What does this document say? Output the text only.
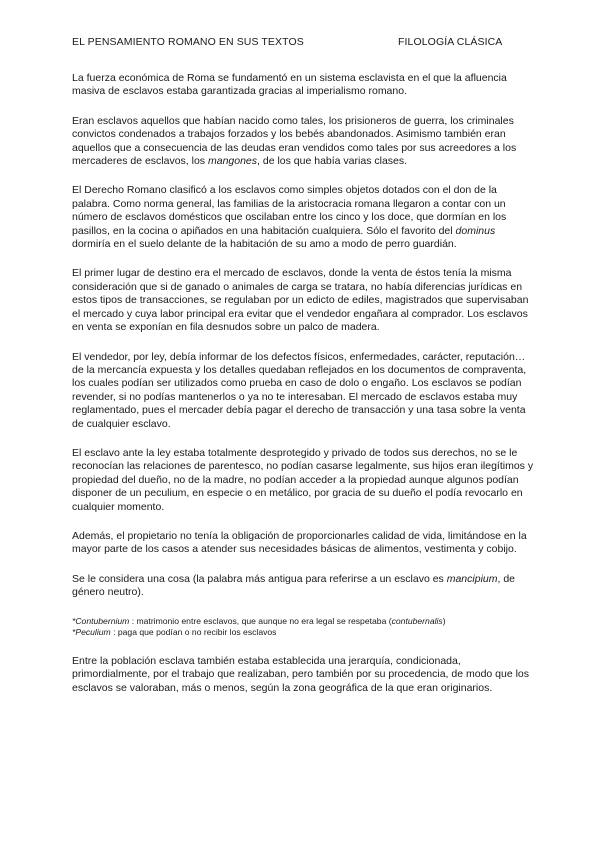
EL PENSAMIENTO ROMANO EN SUS TEXTOS	FILOLOGÍA CLÁSICA

La fuerza económica de Roma se fundamentó en un sistema esclavista en el que la afluencia masiva de esclavos estaba garantizada gracias al imperialismo romano.

Eran esclavos aquellos que habían nacido como tales, los prisioneros de guerra, los criminales convictos condenados a trabajos forzados y los bebés abandonados. Asimismo también eran aquellos que a consecuencia de las deudas eran vendidos como tales por sus acreedores a los mercaderes de esclavos, los mangones, de los que había varias clases.

El Derecho Romano clasificó a los esclavos como simples objetos dotados con el don de la palabra. Como norma general, las familias de la aristocracia romana llegaron a contar con un número de esclavos domésticos que oscilaban entre los cinco y los doce, que dormían en los pasillos, en la cocina o apiñados en una habitación cualquiera. Sólo el favorito del dominus dormiría en el suelo delante de la habitación de su amo a modo de perro guardián.

El primer lugar de destino era el mercado de esclavos, donde la venta de éstos tenía la misma consideración que si de ganado o animales de carga se tratara, no había diferencias jurídicas en estos tipos de transacciones, se regulaban por un edicto de ediles, magistrados que supervisaban el mercado y cuya labor principal era evitar que el vendedor engañara al comprador. Los esclavos en venta se exponían en fila desnudos sobre un palco de madera.

El vendedor, por ley, debía informar de los defectos físicos, enfermedades, carácter, reputación… de la mercancía expuesta y los detalles quedaban reflejados en los documentos de compraventa, los cuales podían ser utilizados como prueba en caso de dolo o engaño. Los esclavos se podían revender, si no podías mantenerlos o ya no te interesaban. El mercado de esclavos estaba muy reglamentado, pues el mercader debía pagar el derecho de transacción y una tasa sobre la venta de cualquier esclavo.

El esclavo ante la ley estaba totalmente desprotegido y privado de todos sus derechos, no se le reconocían las relaciones de parentesco, no podían casarse legalmente, sus hijos eran ilegítimos y propiedad del dueño, no de la madre, no podían acceder a la propiedad aunque algunos podían disponer de un peculium, en especie o en metálico, por gracia de su dueño el podía revocarlo en cualquier momento.

Además, el propietario no tenía la obligación de proporcionarles calidad de vida, limitándose en la mayor parte de los casos a atender sus necesidades básicas de alimentos, vestimenta y cobijo.

Se le considera una cosa (la palabra más antigua para referirse a un esclavo es mancipium, de género neutro).

*Contubernium : matrimonio entre esclavos, que aunque no era legal se respetaba (contubernalis)
*Peculium : paga que podían o no recibir los esclavos

Entre la población esclava también estaba establecida una jerarquía, condicionada, primordialmente, por el trabajo que realizaban, pero también por su procedencia, de modo que los esclavos se valoraban, más o menos, según la zona geográfica de la que eran originarios.
